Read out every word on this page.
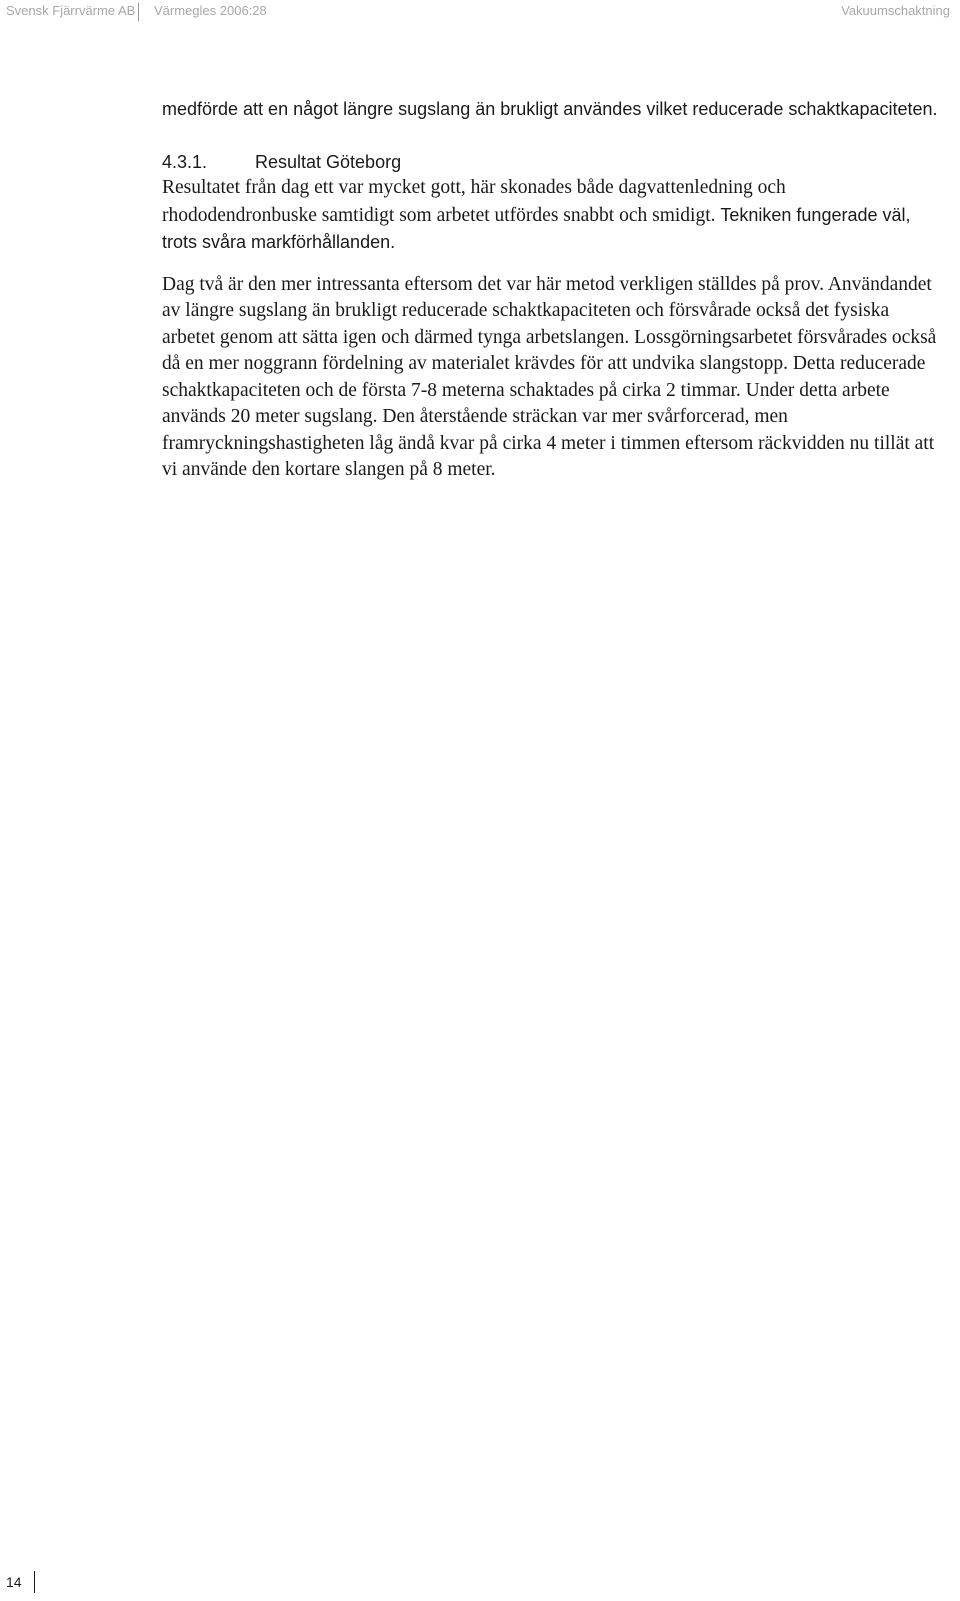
Svensk Fjärrvärme AB Värmegles 2006:28	Vakuumschaktning

medförde att en något längre sugslang än brukligt användes vilket reducerade schaktkapaciteten.

4.3.1.	Resultat Göteborg

Resultatet från dag ett var mycket gott, här skonades både dagvattenledning och rhododendronbuske samtidigt som arbetet utfördes snabbt och smidigt. Tekniken fungerade väl, trots svåra markförhållanden.

Dag två är den mer intressanta eftersom det var här metod verkligen ställdes på prov. Användandet av längre sugslang än brukligt reducerade schaktkapaciteten och försvårade också det fysiska arbetet genom att sätta igen och därmed tynga arbetslangen. Lossgörningsarbetet försvårades också då en mer noggrann fördelning av materialet krävdes för att undvika slangstopp. Detta reducerade schaktkapaciteten och de första 7-8 meterna schaktades på cirka 2 timmar. Under detta arbete används 20 meter sugslang. Den återstående sträckan var mer svårforcerad, men framryckningshastigheten låg ändå kvar på cirka 4 meter i timmen eftersom räckvidden nu tillät att vi använde den kortare slangen på 8 meter.

14
